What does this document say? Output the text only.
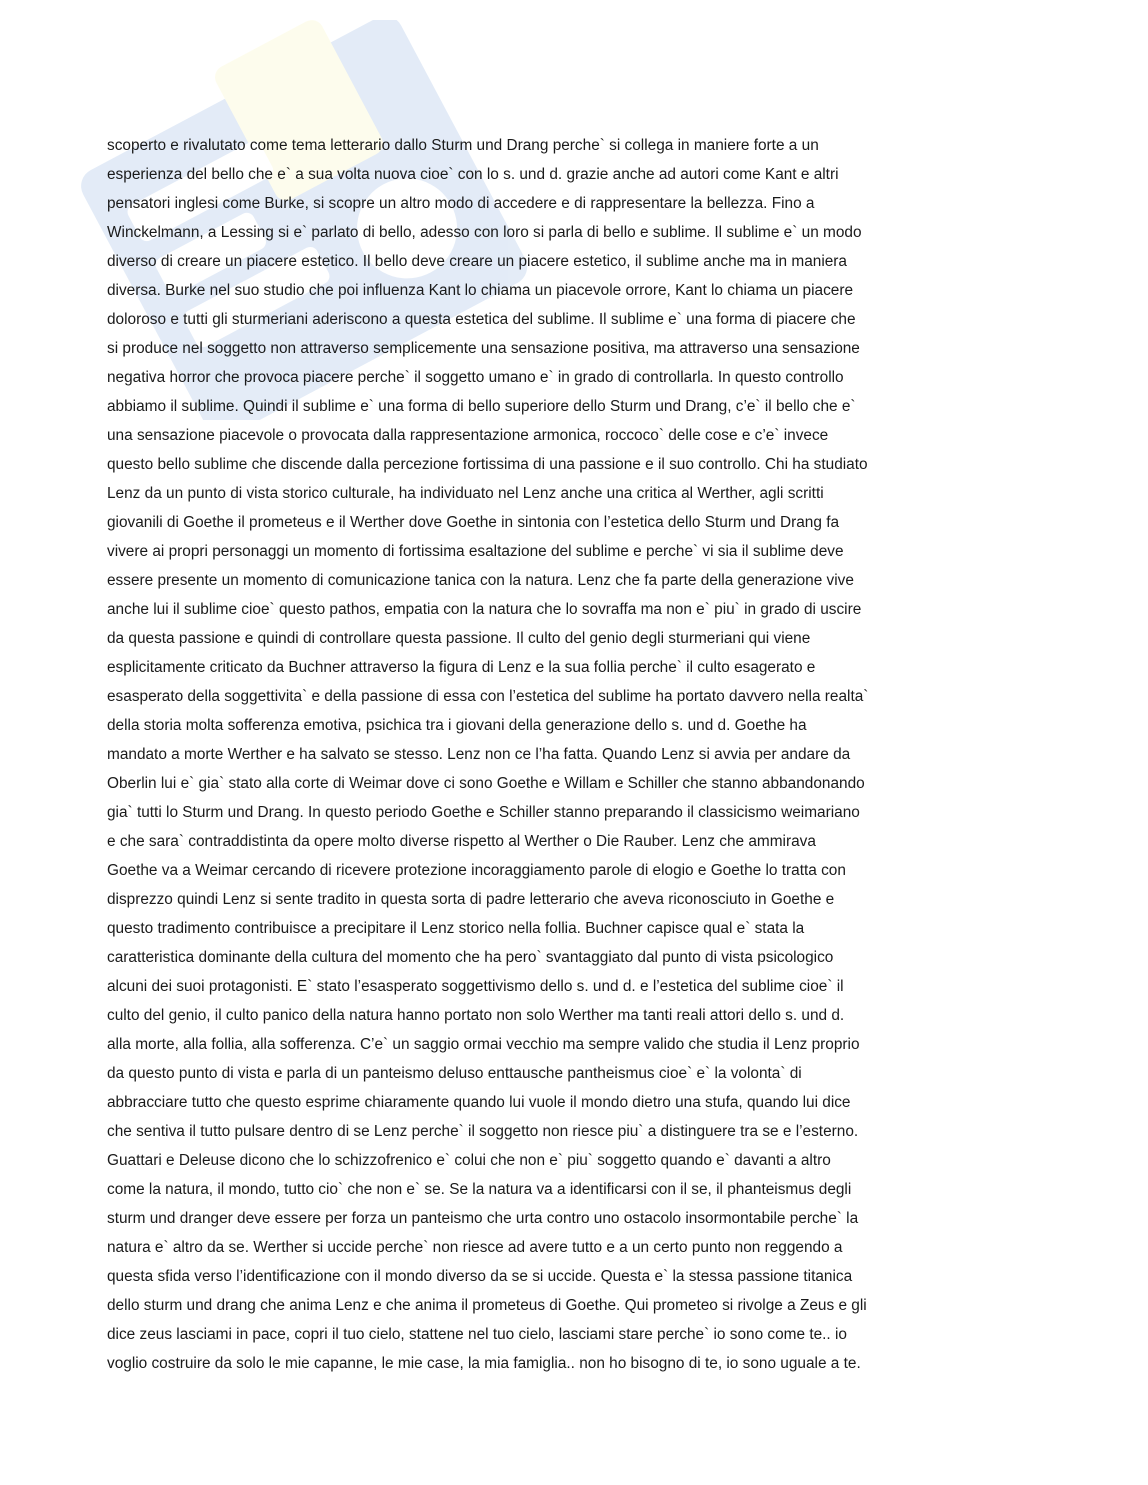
scoperto e rivalutato come tema letterario dallo Sturm und Drang perche` si collega in maniere forte a un
esperienza del bello che e` a sua volta nuova cioe` con lo s. und d. grazie anche ad autori come Kant e altri
pensatori inglesi come Burke, si scopre un altro modo di accedere e di rappresentare la bellezza. Fino a
Winckelmann, a Lessing si e` parlato di bello, adesso con loro si parla di bello e sublime. Il sublime e` un modo
diverso di creare un piacere estetico. Il bello deve creare un piacere estetico, il sublime anche ma in maniera
diversa. Burke nel suo studio che poi influenza Kant lo chiama un piacevole orrore, Kant lo chiama un piacere
doloroso e tutti gli sturmeriani aderiscono a questa estetica del sublime. Il sublime e` una forma di piacere che
si produce nel soggetto non attraverso semplicemente una sensazione positiva, ma attraverso una sensazione
negativa horror che provoca piacere perche` il soggetto umano e` in grado di controllarla. In questo controllo
abbiamo il sublime. Quindi il sublime e` una forma di bello superiore dello Sturm und Drang, c’e` il bello che e`
una sensazione piacevole o provocata dalla rappresentazione armonica, roccoco` delle cose e c’e` invece
questo bello sublime che discende dalla percezione fortissima di una passione e il suo controllo. Chi ha studiato
Lenz da un punto di vista storico culturale, ha individuato nel Lenz anche una critica al Werther, agli scritti
giovanili di Goethe il prometeus e il Werther dove Goethe in sintonia con l’estetica dello Sturm und Drang fa
vivere ai propri personaggi un momento di fortissima esaltazione del sublime e perche` vi sia il sublime deve
essere presente un momento di comunicazione tanica con la natura. Lenz che fa parte della generazione vive
anche lui il sublime cioe` questo pathos, empatia con la natura che lo sovraffa ma non e` piu` in grado di uscire
da questa passione e quindi di controllare questa passione. Il culto del genio degli sturmeriani qui viene
esplicitamente criticato da Buchner attraverso la figura di Lenz e la sua follia perche` il culto esagerato e
esasperato della soggettivita` e della passione di essa con l’estetica del sublime ha portato davvero nella realta`
della storia molta sofferenza emotiva, psichica tra i giovani della generazione dello s. und d. Goethe ha
mandato a morte Werther e ha salvato se stesso. Lenz non ce l’ha fatta. Quando Lenz si avvia per andare da
Oberlin lui e` gia` stato alla corte di Weimar dove ci sono Goethe e Willam e Schiller che stanno abbandonando
gia` tutti lo Sturm und Drang. In questo periodo Goethe e Schiller stanno preparando il classicismo weimariano
e che sara` contraddistinta da opere molto diverse rispetto al Werther o Die Rauber. Lenz che ammirava
Goethe va a Weimar cercando di ricevere protezione incoraggiamento parole di elogio e Goethe lo tratta con
disprezzo quindi Lenz si sente tradito in questa sorta di padre letterario che aveva riconosciuto in Goethe e
questo tradimento contribuisce a precipitare il Lenz storico nella follia. Buchner capisce qual e` stata la
caratteristica dominante della cultura del momento che ha pero` svantaggiato dal punto di vista psicologico
alcuni dei suoi protagonisti. E` stato l’esasperato soggettivismo dello s. und d. e l’estetica del sublime cioe` il
culto del genio, il culto panico della natura hanno portato non solo Werther ma tanti reali attori dello s. und d.
alla morte, alla follia, alla sofferenza. C’e` un saggio ormai vecchio ma sempre valido che studia il Lenz proprio
da questo punto di vista e parla di un panteismo deluso enttausche pantheismus cioe` e` la volonta` di
abbracciare tutto che questo esprime chiaramente quando lui vuole il mondo dietro una stufa, quando lui dice
che sentiva il tutto pulsare dentro di se Lenz perche` il soggetto non riesce piu` a distinguere tra se e l’esterno.
Guattari e Deleuse dicono che lo schizzofrenico e` colui che non e` piu` soggetto quando e` davanti a altro
come la natura, il mondo, tutto cio` che non e` se. Se la natura va a identificarsi con il se, il phanteismus degli
sturm und dranger deve essere per forza un panteismo che urta contro uno ostacolo insormontabile perche` la
natura e` altro da se. Werther si uccide perche` non riesce ad avere tutto e a un certo punto non reggendo a
questa sfida verso l’identificazione con il mondo diverso da se si uccide. Questa e` la stessa passione titanica
dello sturm und drang che anima Lenz e che anima il prometeus di Goethe. Qui prometeo si rivolge a Zeus e gli
dice zeus lasciami in pace, copri il tuo cielo, stattene nel tuo cielo, lasciami stare perche` io sono come te.. io
voglio costruire da solo le mie capanne, le mie case, la mia famiglia.. non ho bisogno di te, io sono uguale a te.
